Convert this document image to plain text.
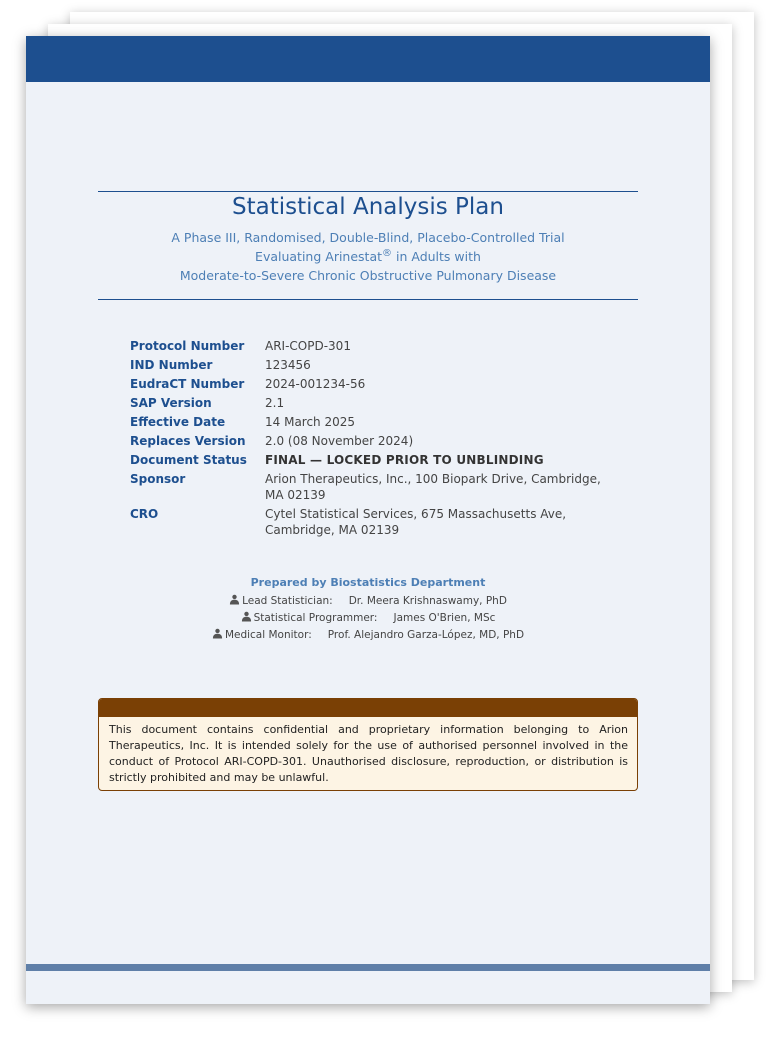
Statistical Analysis Plan
A Phase III, Randomised, Double-Blind, Placebo-Controlled Trial
Evaluating Arinestat® in Adults with
Moderate-to-Severe Chronic Obstructive Pulmonary Disease
Protocol Number	ARI-COPD-301
IND Number	123456
EudraCT Number	2024-001234-56
SAP Version	2.1
Effective Date	14 March 2025
Replaces Version	2.0 (08 November 2024)
Document Status	FINAL — LOCKED PRIOR TO UNBLINDING
Sponsor	Arion Therapeutics, Inc., 100 Biopark Drive, Cambridge, MA 02139
CRO	Cytel Statistical Services, 675 Massachusetts Ave, Cambridge, MA 02139
Prepared by Biostatistics Department
Lead Statistician: Dr. Meera Krishnaswamy, PhD
Statistical Programmer: James O'Brien, MSc
Medical Monitor: Prof. Alejandro Garza-López, MD, PhD
This document contains confidential and proprietary information belonging to Arion Therapeutics, Inc. It is intended solely for the use of authorised personnel involved in the conduct of Protocol ARI-COPD-301. Unauthorised disclosure, reproduction, or distribution is strictly prohibited and may be unlawful.
